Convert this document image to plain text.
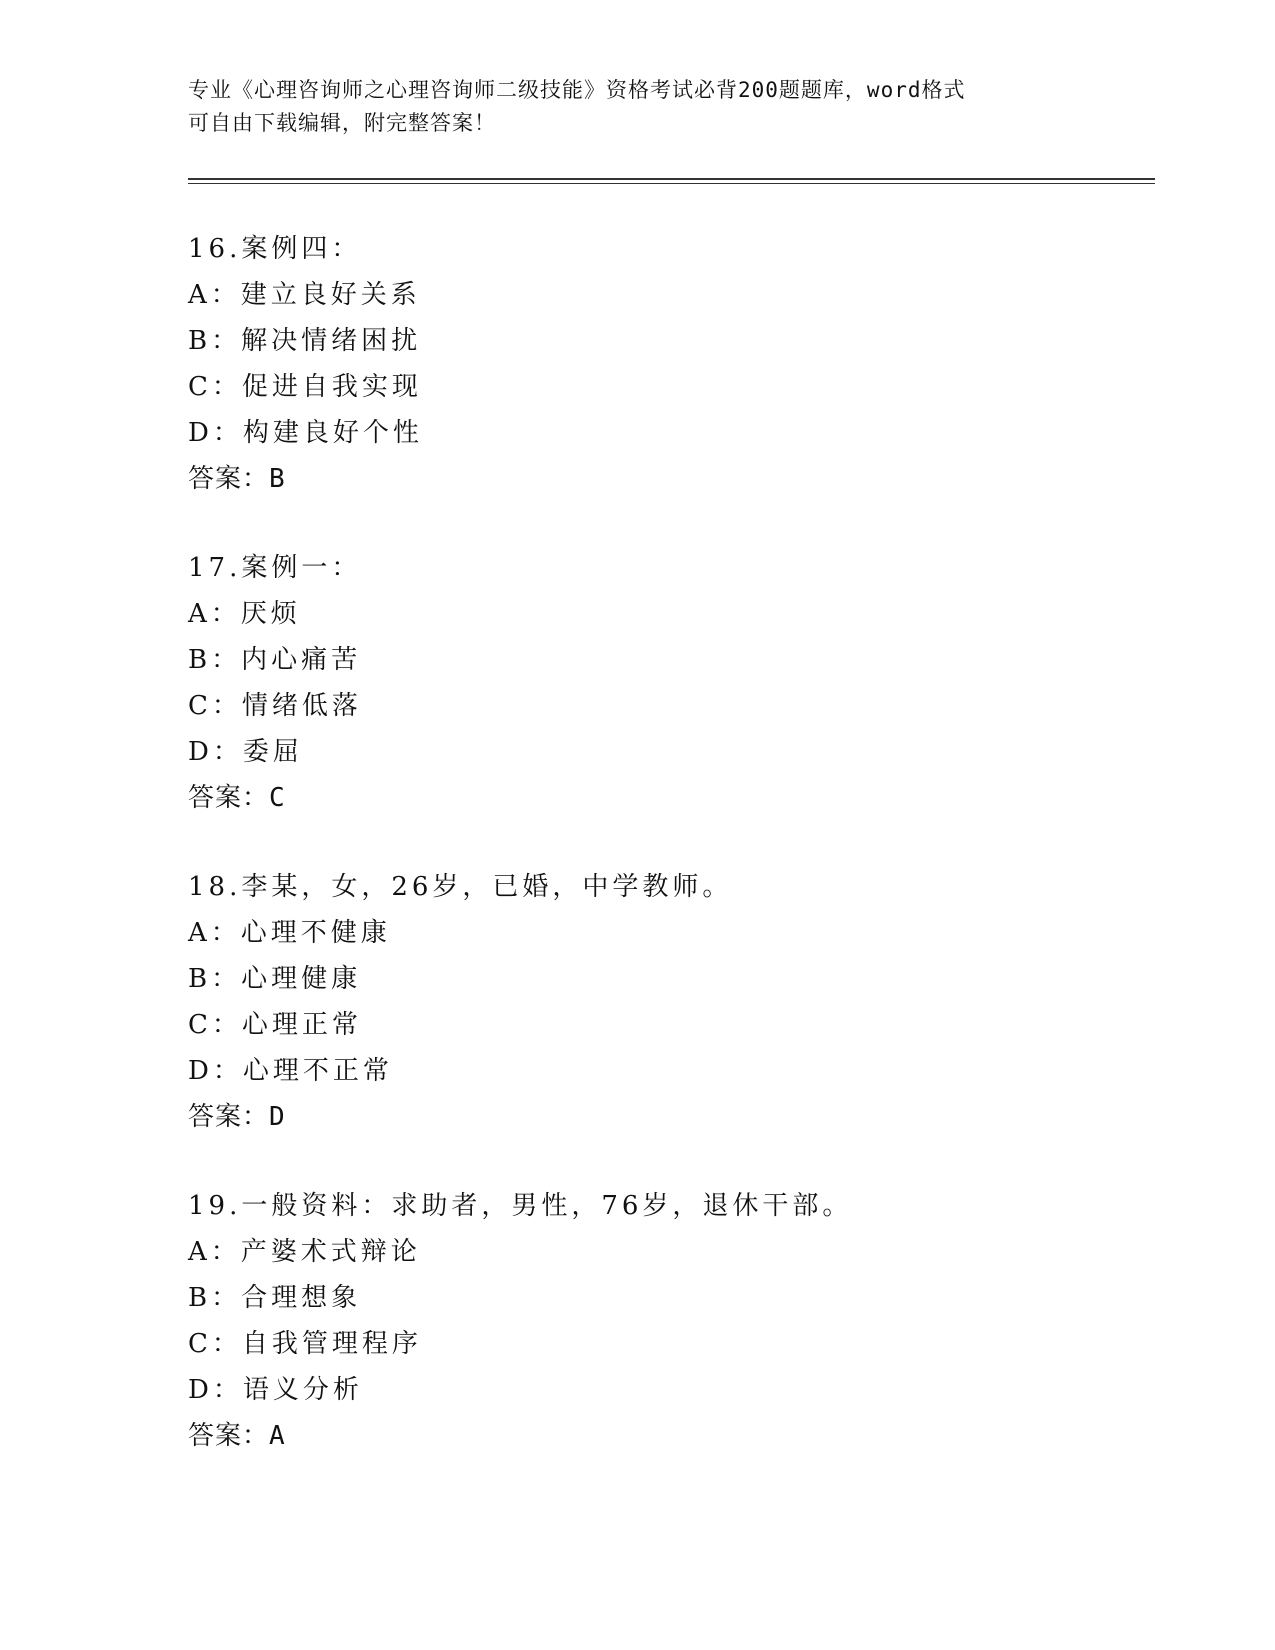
专业《心理咨询师之心理咨询师二级技能》资格考试必背200题题库，word格式
可自由下载编辑，附完整答案！
16.案例四：
A：建立良好关系
B：解决情绪困扰
C：促进自我实现
D：构建良好个性
答案：B
17.案例一：
A：厌烦
B：内心痛苦
C：情绪低落
D：委屈
答案：C
18.李某，女，26岁，已婚，中学教师。
A：心理不健康
B：心理健康
C：心理正常
D：心理不正常
答案：D
19.一般资料：求助者，男性，76岁，退休干部。
A：产婆术式辩论
B：合理想象
C：自我管理程序
D：语义分析
答案：A
